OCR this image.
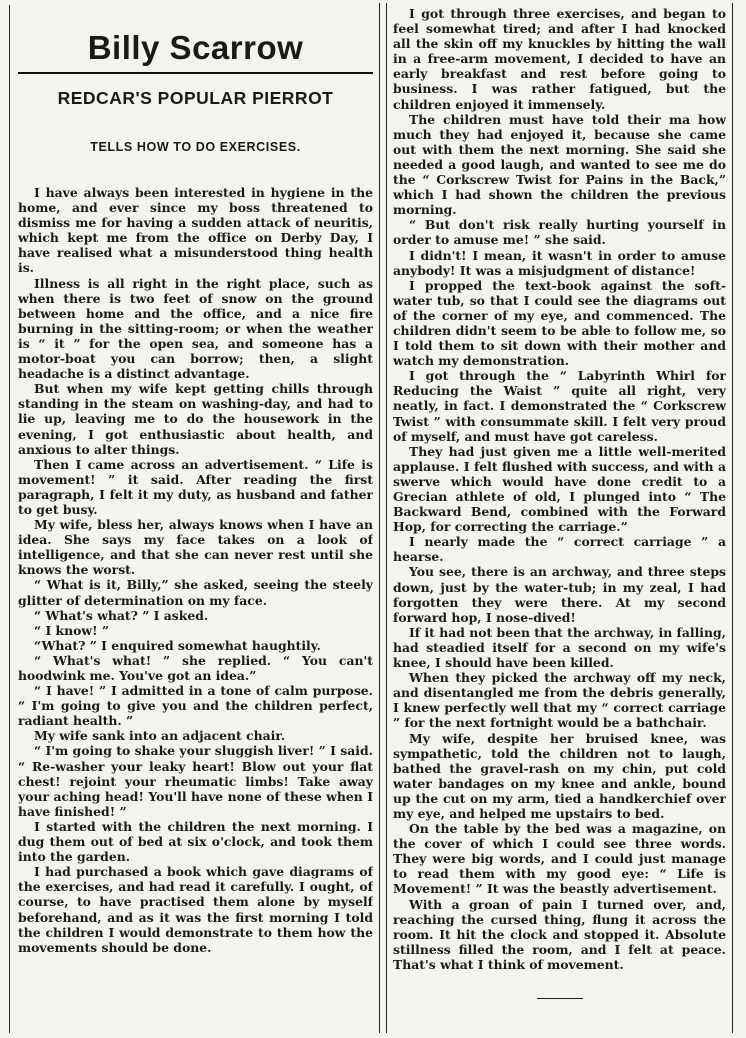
Billy Scarrow
REDCAR'S POPULAR PIERROT
TELLS HOW TO DO EXERCISES.

I have always been interested in hygiene in the home, and ever since my boss threatened to dismiss me for having a sudden attack of neuritis, which kept me from the office on Derby Day, I have realised what a misunderstood thing health is.

Illness is all right in the right place, such as when there is two feet of snow on the ground between home and the office, and a nice fire burning in the sitting-room; or when the weather is “ it ” for the open sea, and someone has a motor-boat you can borrow; then, a slight headache is a distinct advantage.

But when my wife kept getting chills through standing in the steam on washing-day, and had to lie up, leaving me to do the housework in the evening, I got enthusiastic about health, and anxious to alter things.

Then I came across an advertisement. “ Life is movement! ” it said. After reading the first paragraph, I felt it my duty, as husband and father to get busy.

My wife, bless her, always knows when I have an idea. She says my face takes on a look of intelligence, and that she can never rest until she knows the worst.

“ What is it, Billy,” she asked, seeing the steely glitter of determination on my face.

“ What's what? ” I asked.

“ I know! ”

“What? ” I enquired somewhat haughtily.

“ What's what! ” she replied. “ You can't hoodwink me. You've got an idea.”

“ I have! ” I admitted in a tone of calm purpose. “ I'm going to give you and the children perfect, radiant health. ”

My wife sank into an adjacent chair.

“ I'm going to shake your sluggish liver! ” I said. “ Re-washer your leaky heart! Blow out your flat chest! rejoint your rheumatic limbs! Take away your aching head! You'll have none of these when I have finished! ”

I started with the children the next morning. I dug them out of bed at six o'clock, and took them into the garden.

I had purchased a book which gave diagrams of the exercises, and had read it carefully. I ought, of course, to have practised them alone by myself beforehand, and as it was the first morning I told the children I would demonstrate to them how the movements should be done.

I got through three exercises, and began to feel somewhat tired; and after I had knocked all the skin off my knuckles by hitting the wall in a free-arm movement, I decided to have an early breakfast and rest before going to business. I was rather fatigued, but the children enjoyed it immensely.

The children must have told their ma how much they had enjoyed it, because she came out with them the next morning. She said she needed a good laugh, and wanted to see me do the “ Corkscrew Twist for Pains in the Back,” which I had shown the children the previous morning.

“ But don't risk really hurting yourself in order to amuse me! ” she said.

I didn't! I mean, it wasn't in order to amuse anybody! It was a misjudgment of distance!

I propped the text-book against the soft-water tub, so that I could see the diagrams out of the corner of my eye, and commenced. The children didn't seem to be able to follow me, so I told them to sit down with their mother and watch my demonstration.

I got through the “ Labyrinth Whirl for Reducing the Waist ” quite all right, very neatly, in fact. I demonstrated the “ Corkscrew Twist ” with consummate skill. I felt very proud of myself, and must have got careless.

They had just given me a little well-merited applause. I felt flushed with success, and with a swerve which would have done credit to a Grecian athlete of old, I plunged into “ The Backward Bend, combined with the Forward Hop, for correcting the carriage.”

I nearly made the “ correct carriage ” a hearse.

You see, there is an archway, and three steps down, just by the water-tub; in my zeal, I had forgotten they were there. At my second forward hop, I nose-dived!

If it had not been that the archway, in falling, had steadied itself for a second on my wife's knee, I should have been killed.

When they picked the archway off my neck, and disentangled me from the debris generally, I knew perfectly well that my “ correct carriage ” for the next fortnight would be a bathchair.

My wife, despite her bruised knee, was sympathetic, told the children not to laugh, bathed the gravel-rash on my chin, put cold water bandages on my knee and ankle, bound up the cut on my arm, tied a handkerchief over my eye, and helped me upstairs to bed.

On the table by the bed was a magazine, on the cover of which I could see three words. They were big words, and I could just manage to read them with my good eye: “ Life is Movement! ” It was the beastly advertisement.

With a groan of pain I turned over, and, reaching the cursed thing, flung it across the room. It hit the clock and stopped it. Absolute stillness filled the room, and I felt at peace. That's what I think of movement.
